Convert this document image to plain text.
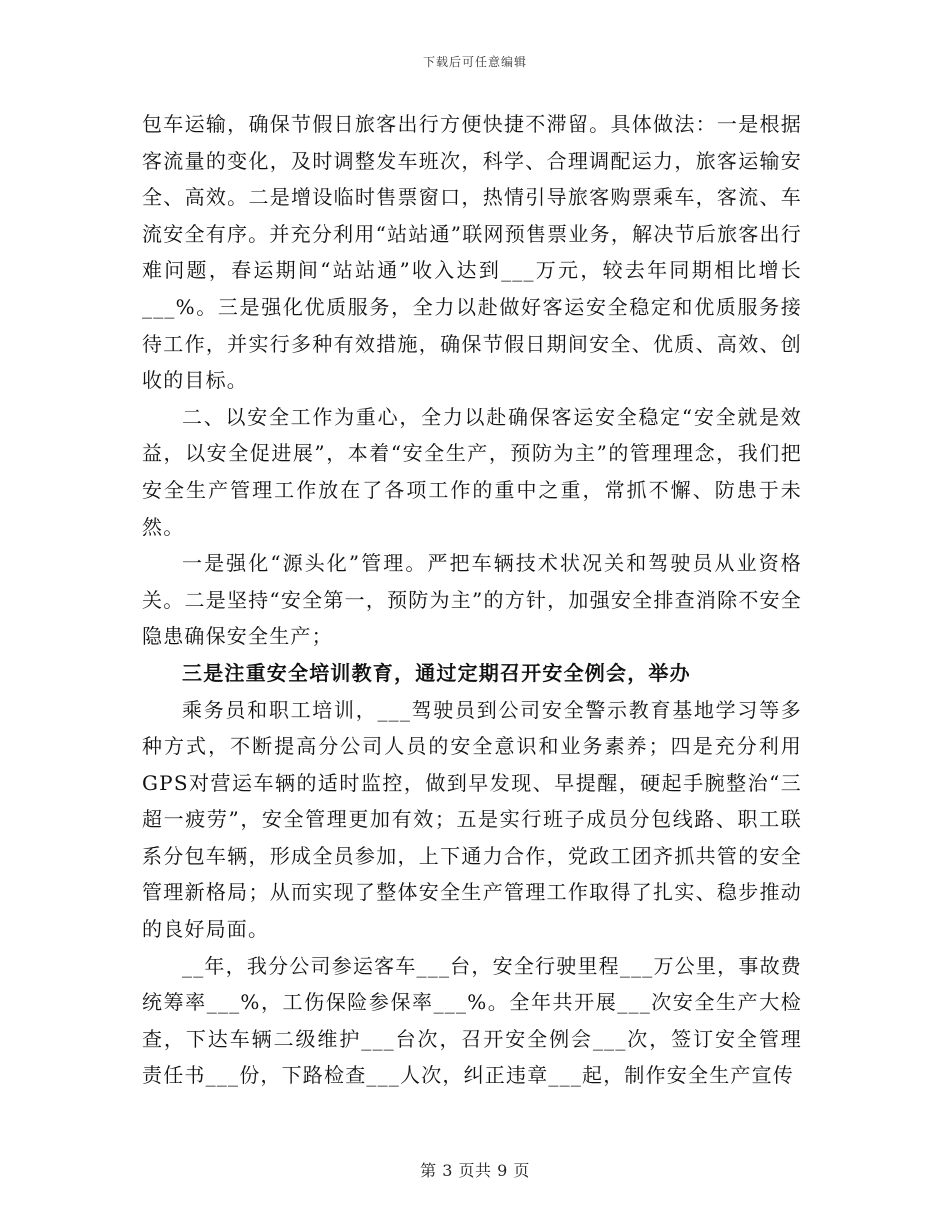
下载后可任意编辑

包车运输，确保节假日旅客出行方便快捷不滞留。具体做法：一是根据客流量的变化，及时调整发车班次，科学、合理调配运力，旅客运输安全、高效。二是增设临时售票窗口，热情引导旅客购票乘车，客流、车流安全有序。并充分利用“站站通”联网预售票业务，解决节后旅客出行难问题，春运期间“站站通”收入达到___万元，较去年同期相比增长___%。三是强化优质服务，全力以赴做好客运安全稳定和优质服务接待工作，并实行多种有效措施，确保节假日期间安全、优质、高效、创收的目标。

二、以安全工作为重心，全力以赴确保客运安全稳定“安全就是效益，以安全促进展”，本着“安全生产，预防为主”的管理理念，我们把安全生产管理工作放在了各项工作的重中之重，常抓不懈、防患于未然。

一是强化“源头化”管理。严把车辆技术状况关和驾驶员从业资格关。二是坚持“安全第一，预防为主”的方针，加强安全排查消除不安全隐患确保安全生产；

三是注重安全培训教育，通过定期召开安全例会，举办

乘务员和职工培训，___驾驶员到公司安全警示教育基地学习等多种方式，不断提高分公司人员的安全意识和业务素养；四是充分利用GPS对营运车辆的适时监控，做到早发现、早提醒，硬起手腕整治“三超一疲劳”，安全管理更加有效；五是实行班子成员分包线路、职工联系分包车辆，形成全员参加，上下通力合作，党政工团齐抓共管的安全管理新格局；从而实现了整体安全生产管理工作取得了扎实、稳步推动的良好局面。

__年，我分公司参运客车___台，安全行驶里程___万公里，事故费统筹率___%，工伤保险参保率___%。全年共开展___次安全生产大检查，下达车辆二级维护___台次，召开安全例会___次，签订安全管理责任书___份，下路检查___人次，纠正违章___起，制作安全生产宣传

第 3 页共 9 页
